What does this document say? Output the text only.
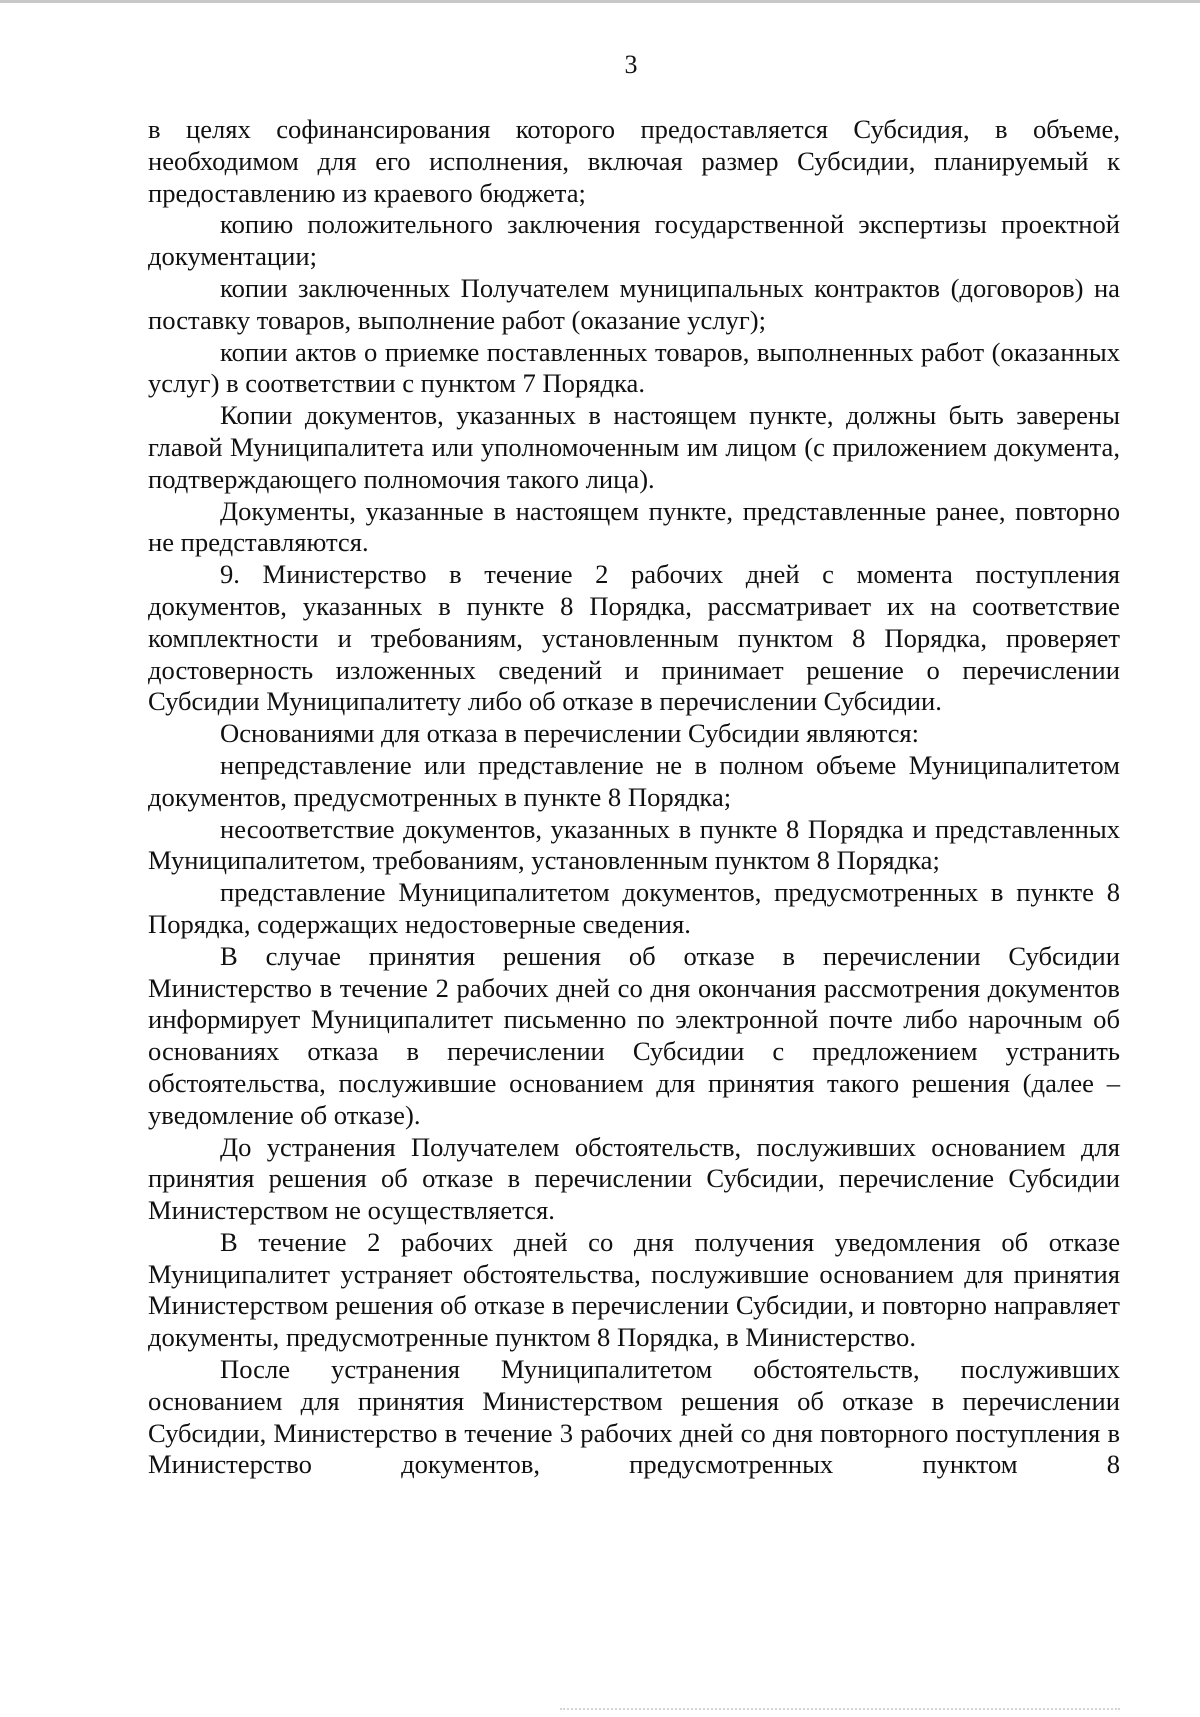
3

в целях софинансирования которого предоставляется Субсидия, в объеме, необходимом для его исполнения, включая размер Субсидии, планируемый к предоставлению из краевого бюджета;

копию положительного заключения государственной экспертизы проектной документации;

копии заключенных Получателем муниципальных контрактов (договоров) на поставку товаров, выполнение работ (оказание услуг);

копии актов о приемке поставленных товаров, выполненных работ (оказанных услуг) в соответствии с пунктом 7 Порядка.

Копии документов, указанных в настоящем пункте, должны быть заверены главой Муниципалитета или уполномоченным им лицом (с приложением документа, подтверждающего полномочия такого лица).

Документы, указанные в настоящем пункте, представленные ранее, повторно не представляются.

9. Министерство в течение 2 рабочих дней с момента поступления документов, указанных в пункте 8 Порядка, рассматривает их на соответствие комплектности и требованиям, установленным пунктом 8 Порядка, проверяет достоверность изложенных сведений и принимает решение о перечислении Субсидии Муниципалитету либо об отказе в перечислении Субсидии.

Основаниями для отказа в перечислении Субсидии являются:

непредставление или представление не в полном объеме Муниципалитетом документов, предусмотренных в пункте 8 Порядка;

несоответствие документов, указанных в пункте 8 Порядка и представленных Муниципалитетом, требованиям, установленным пунктом 8 Порядка;

представление Муниципалитетом документов, предусмотренных в пункте 8 Порядка, содержащих недостоверные сведения.

В случае принятия решения об отказе в перечислении Субсидии Министерство в течение 2 рабочих дней со дня окончания рассмотрения документов информирует Муниципалитет письменно по электронной почте либо нарочным об основаниях отказа в перечислении Субсидии с предложением устранить обстоятельства, послужившие основанием для принятия такого решения (далее – уведомление об отказе).

До устранения Получателем обстоятельств, послуживших основанием для принятия решения об отказе в перечислении Субсидии, перечисление Субсидии Министерством не осуществляется.

В течение 2 рабочих дней со дня получения уведомления об отказе Муниципалитет устраняет обстоятельства, послужившие основанием для принятия Министерством решения об отказе в перечислении Субсидии, и повторно направляет документы, предусмотренные пунктом 8 Порядка, в Министерство.

После устранения Муниципалитетом обстоятельств, послуживших основанием для принятия Министерством решения об отказе в перечислении Субсидии, Министерство в течение 3 рабочих дней со дня повторного поступления в Министерство документов, предусмотренных пунктом 8
